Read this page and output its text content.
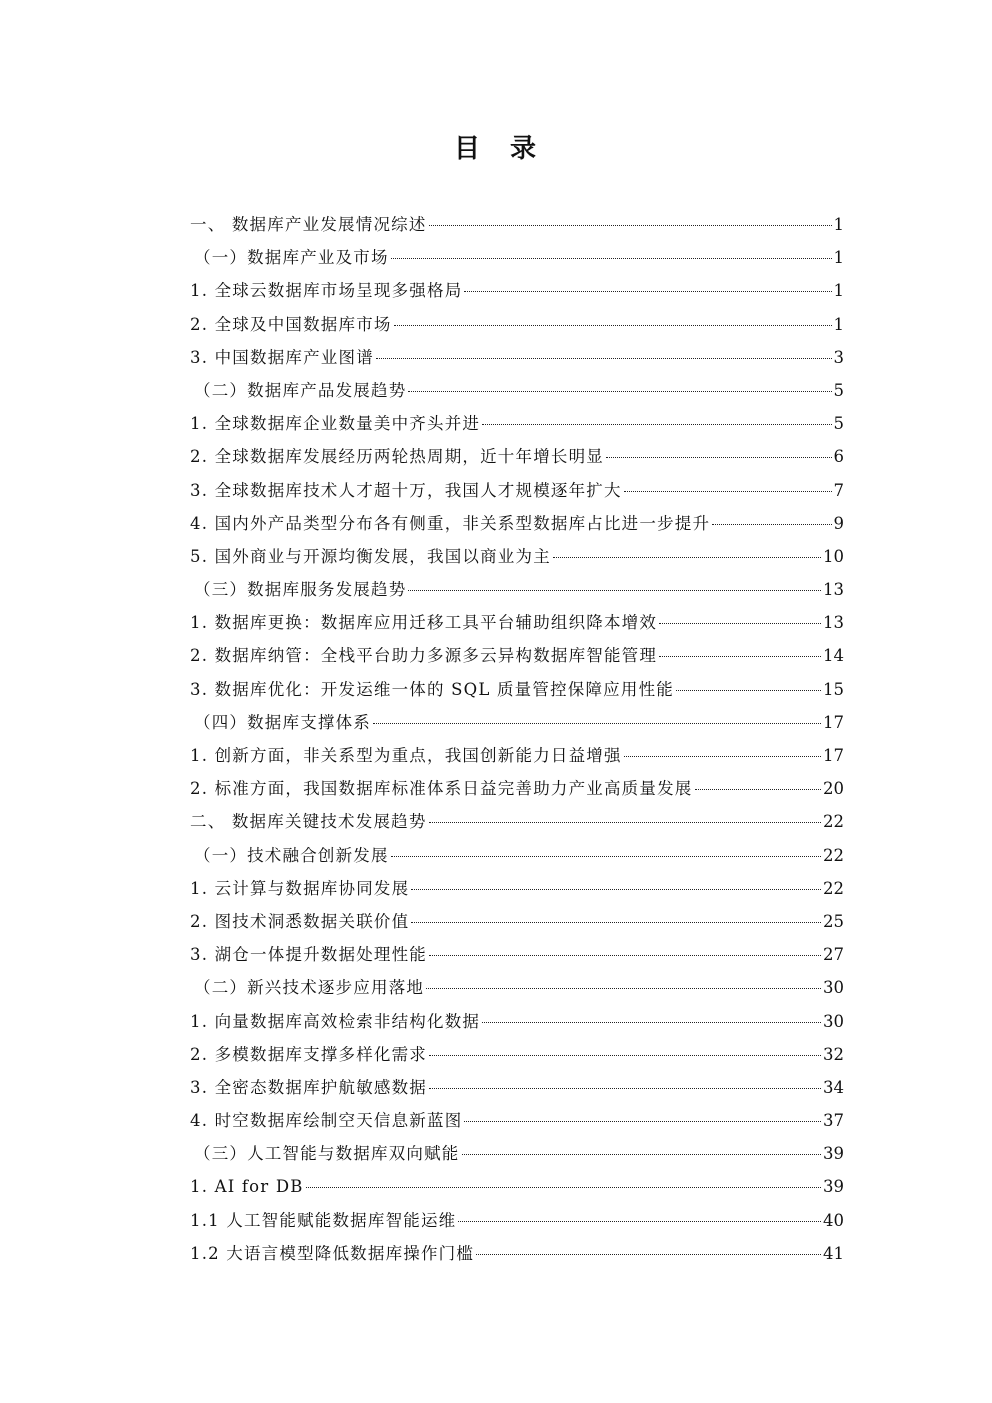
目　录
一、 数据库产业发展情况综述	1
（一）数据库产业及市场	1
1. 全球云数据库市场呈现多强格局	1
2. 全球及中国数据库市场	1
3. 中国数据库产业图谱	3
（二）数据库产品发展趋势	5
1. 全球数据库企业数量美中齐头并进	5
2. 全球数据库发展经历两轮热周期，近十年增长明显	6
3. 全球数据库技术人才超十万，我国人才规模逐年扩大	7
4. 国内外产品类型分布各有侧重，非关系型数据库占比进一步提升	9
5. 国外商业与开源均衡发展，我国以商业为主	10
（三）数据库服务发展趋势	13
1. 数据库更换：数据库应用迁移工具平台辅助组织降本增效	13
2. 数据库纳管：全栈平台助力多源多云异构数据库智能管理	14
3. 数据库优化：开发运维一体的 SQL 质量管控保障应用性能	15
（四）数据库支撑体系	17
1. 创新方面，非关系型为重点，我国创新能力日益增强	17
2. 标准方面，我国数据库标准体系日益完善助力产业高质量发展	20
二、 数据库关键技术发展趋势	22
（一）技术融合创新发展	22
1. 云计算与数据库协同发展	22
2. 图技术洞悉数据关联价值	25
3. 湖仓一体提升数据处理性能	27
（二）新兴技术逐步应用落地	30
1. 向量数据库高效检索非结构化数据	30
2. 多模数据库支撑多样化需求	32
3. 全密态数据库护航敏感数据	34
4. 时空数据库绘制空天信息新蓝图	37
（三）人工智能与数据库双向赋能	39
1. AI for DB	39
1.1 人工智能赋能数据库智能运维	40
1.2 大语言模型降低数据库操作门槛	41
